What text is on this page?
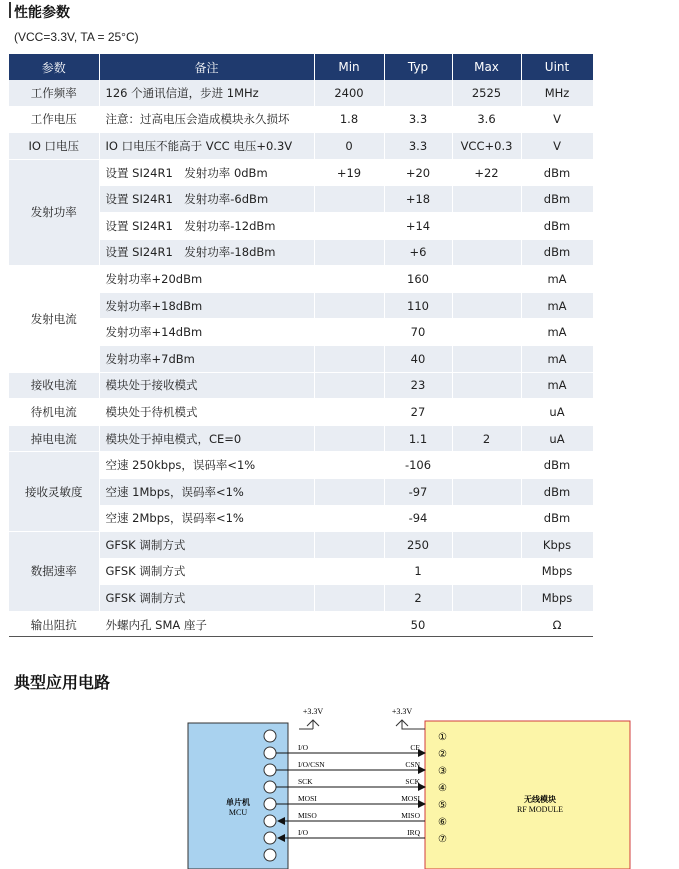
性能参数
(VCC=3.3V, TA = 25°C)
参数	备注	Min	Typ	Max	Uint
工作频率	126 个通讯信道，步进 1MHz	2400		2525	MHz
工作电压	注意：过高电压会造成模块永久损坏	1.8	3.3	3.6	V
IO 口电压	IO 口电压不能高于 VCC 电压+0.3V	0	3.3	VCC+0.3	V
发射功率	设置 SI24R1　发射功率 0dBm	+19	+20	+22	dBm
	设置 SI24R1　发射功率-6dBm		+18		dBm
	设置 SI24R1　发射功率-12dBm		+14		dBm
	设置 SI24R1　发射功率-18dBm		+6		dBm
发射电流	发射功率+20dBm		160		mA
	发射功率+18dBm		110		mA
	发射功率+14dBm		70		mA
	发射功率+7dBm		40		mA
接收电流	模块处于接收模式		23		mA
待机电流	模块处于待机模式		27		uA
掉电电流	模块处于掉电模式，CE=0		1.1	2	uA
接收灵敏度	空速 250kbps，误码率<1%		-106		dBm
	空速 1Mbps，误码率<1%		-97		dBm
	空速 2Mbps，误码率<1%		-94		dBm
数据速率	GFSK 调制方式		250		Kbps
	GFSK 调制方式		1		Mbps
	GFSK 调制方式		2		Mbps
输出阻抗	外螺内孔 SMA 座子		50		Ω
典型应用电路
单片机
MCU
无线模块
RF MODULE
+3.3V	+3.3V
I/O
I/O/CSN
SCK
MOSI
MISO
I/O
CE
CSN
SCK
MOSI
MISO
IRQ
①
②
③
④
⑤
⑥
⑦
